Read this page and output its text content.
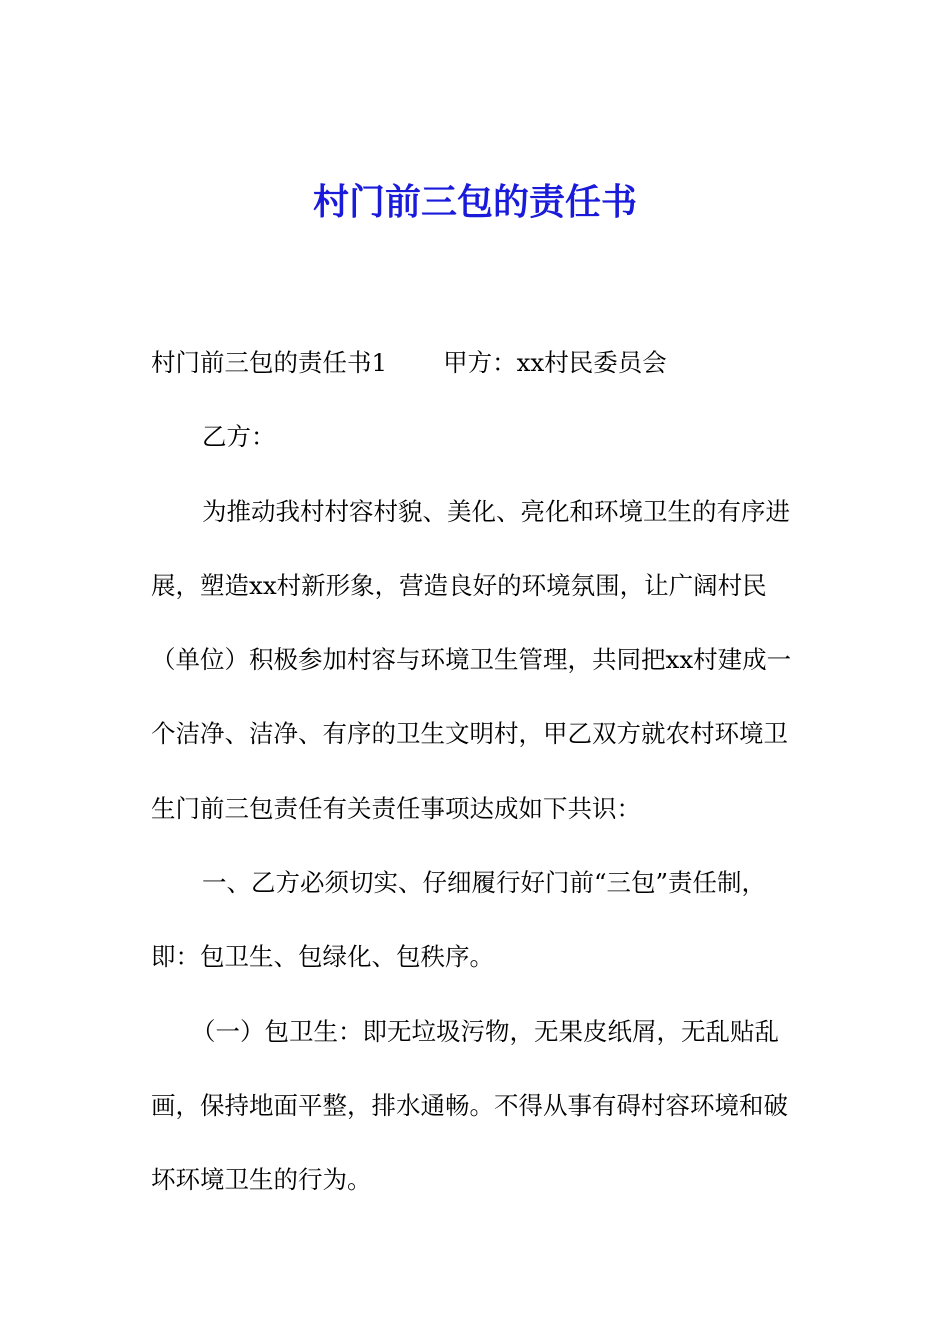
村门前三包的责任书

村门前三包的责任书1 甲方：xx村民委员会

乙方：

为推动我村村容村貌、美化、亮化和环境卫生的有序进展，塑造xx村新形象，营造良好的环境氛围，让广阔村民（单位）积极参加村容与环境卫生管理，共同把xx村建成一个洁净、洁净、有序的卫生文明村，甲乙双方就农村环境卫生门前三包责任有关责任事项达成如下共识：

一、乙方必须切实、仔细履行好门前“三包”责任制，即：包卫生、包绿化、包秩序。

（一）包卫生：即无垃圾污物，无果皮纸屑，无乱贴乱画，保持地面平整，排水通畅。不得从事有碍村容环境和破坏环境卫生的行为。
